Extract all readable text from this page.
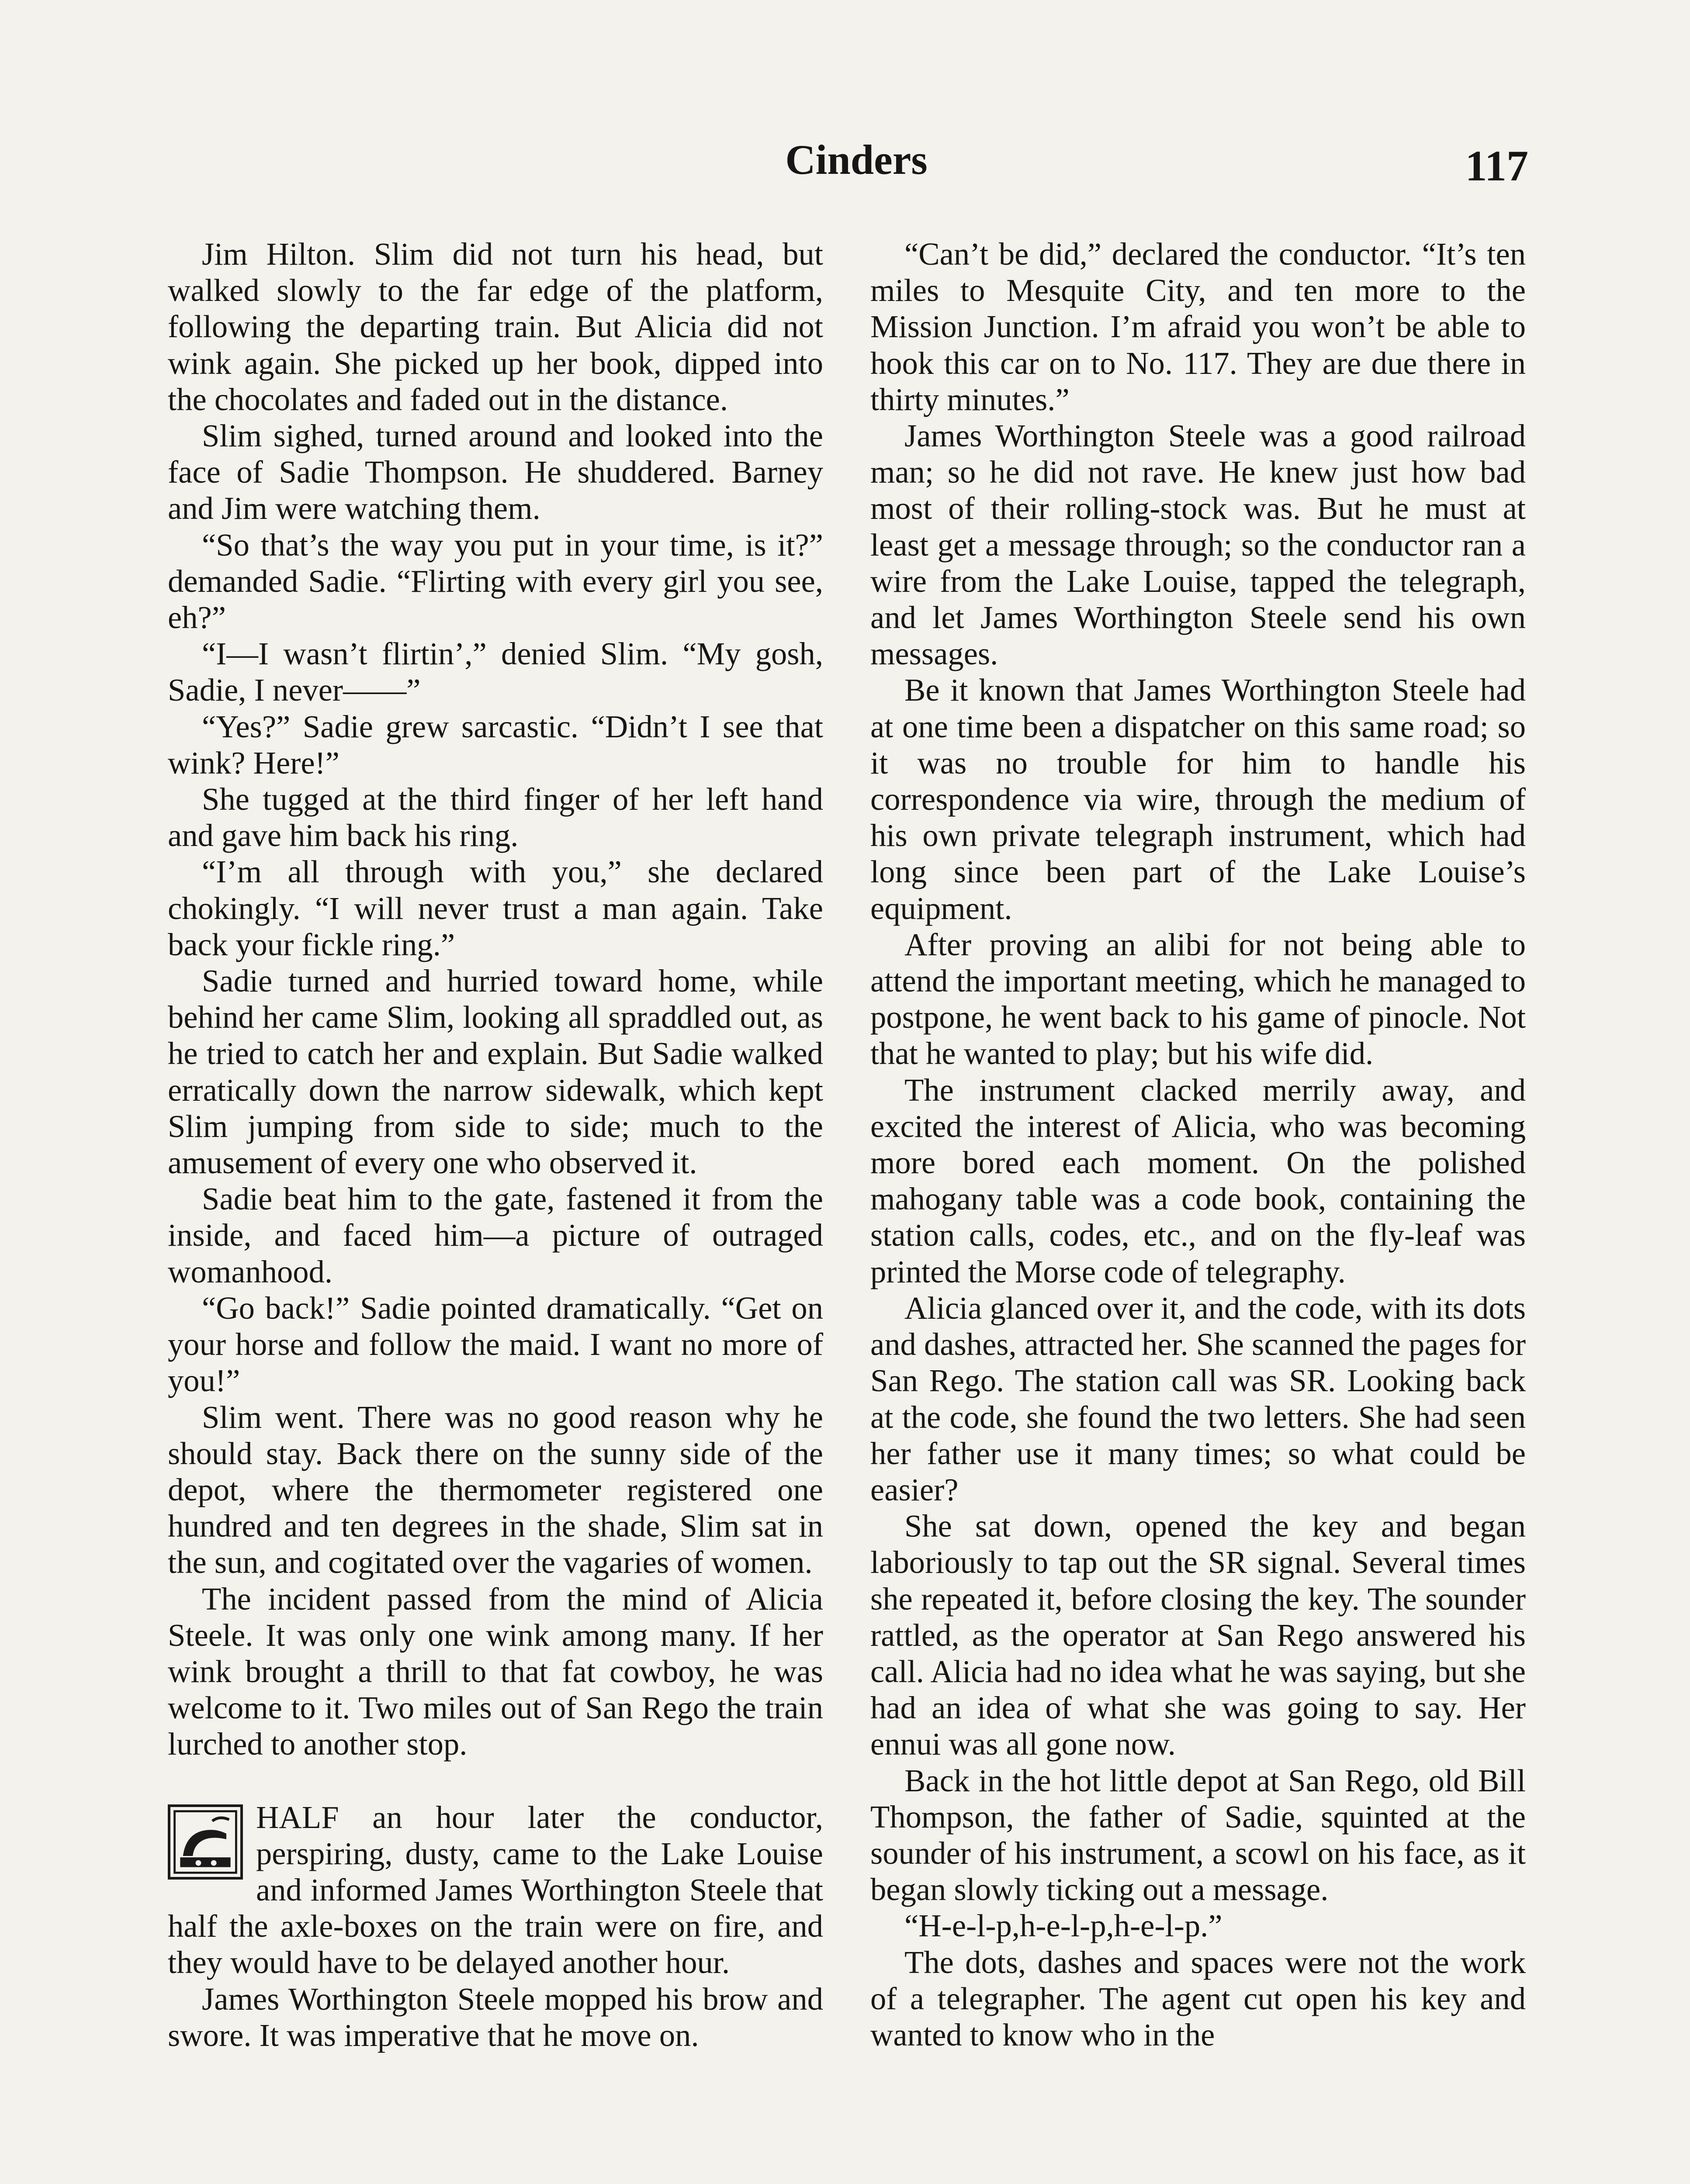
Cinders	117

Jim Hilton. Slim did not turn his head, but walked slowly to the far edge of the platform, following the departing train. But Alicia did not wink again. She picked up her book, dipped into the chocolates and faded out in the distance.

Slim sighed, turned around and looked into the face of Sadie Thompson. He shuddered. Barney and Jim were watching them.

“So that’s the way you put in your time, is it?” demanded Sadie. “Flirting with every girl you see, eh?”

“I—I wasn’t flirtin’,” denied Slim. “My gosh, Sadie, I never——”

“Yes?” Sadie grew sarcastic. “Didn’t I see that wink? Here!”

She tugged at the third finger of her left hand and gave him back his ring.

“I’m all through with you,” she declared chokingly. “I will never trust a man again. Take back your fickle ring.”

Sadie turned and hurried toward home, while behind her came Slim, looking all spraddled out, as he tried to catch her and explain. But Sadie walked erratically down the narrow sidewalk, which kept Slim jumping from side to side; much to the amusement of every one who observed it.

Sadie beat him to the gate, fastened it from the inside, and faced him—a picture of outraged womanhood.

“Go back!” Sadie pointed dramatically. “Get on your horse and follow the maid. I want no more of you!”

Slim went. There was no good reason why he should stay. Back there on the sunny side of the depot, where the thermometer registered one hundred and ten degrees in the shade, Slim sat in the sun, and cogitated over the vagaries of women.

The incident passed from the mind of Alicia Steele. It was only one wink among many. If her wink brought a thrill to that fat cowboy, he was welcome to it. Two miles out of San Rego the train lurched to another stop.

HALF an hour later the conductor, perspiring, dusty, came to the Lake Louise and informed James Worthington Steele that half the axle-boxes on the train were on fire, and they would have to be delayed another hour.

James Worthington Steele mopped his brow and swore. It was imperative that he move on.

“Can’t be did,” declared the conductor. “It’s ten miles to Mesquite City, and ten more to the Mission Junction. I’m afraid you won’t be able to hook this car on to No. 117. They are due there in thirty minutes.”

James Worthington Steele was a good railroad man; so he did not rave. He knew just how bad most of their rolling-stock was. But he must at least get a message through; so the conductor ran a wire from the Lake Louise, tapped the telegraph, and let James Worthington Steele send his own messages.

Be it known that James Worthington Steele had at one time been a dispatcher on this same road; so it was no trouble for him to handle his correspondence via wire, through the medium of his own private telegraph instrument, which had long since been part of the Lake Louise’s equipment.

After proving an alibi for not being able to attend the important meeting, which he managed to postpone, he went back to his game of pinocle. Not that he wanted to play; but his wife did.

The instrument clacked merrily away, and excited the interest of Alicia, who was becoming more bored each moment. On the polished mahogany table was a code book, containing the station calls, codes, etc., and on the fly-leaf was printed the Morse code of telegraphy.

Alicia glanced over it, and the code, with its dots and dashes, attracted her. She scanned the pages for San Rego. The station call was SR. Looking back at the code, she found the two letters. She had seen her father use it many times; so what could be easier?

She sat down, opened the key and began laboriously to tap out the SR signal. Several times she repeated it, before closing the key. The sounder rattled, as the operator at San Rego answered his call. Alicia had no idea what he was saying, but she had an idea of what she was going to say. Her ennui was all gone now.

Back in the hot little depot at San Rego, old Bill Thompson, the father of Sadie, squinted at the sounder of his instrument, a scowl on his face, as it began slowly ticking out a message.

“H-e-l-p,h-e-l-p,h-e-l-p.”

The dots, dashes and spaces were not the work of a telegrapher. The agent cut open his key and wanted to know who in the
